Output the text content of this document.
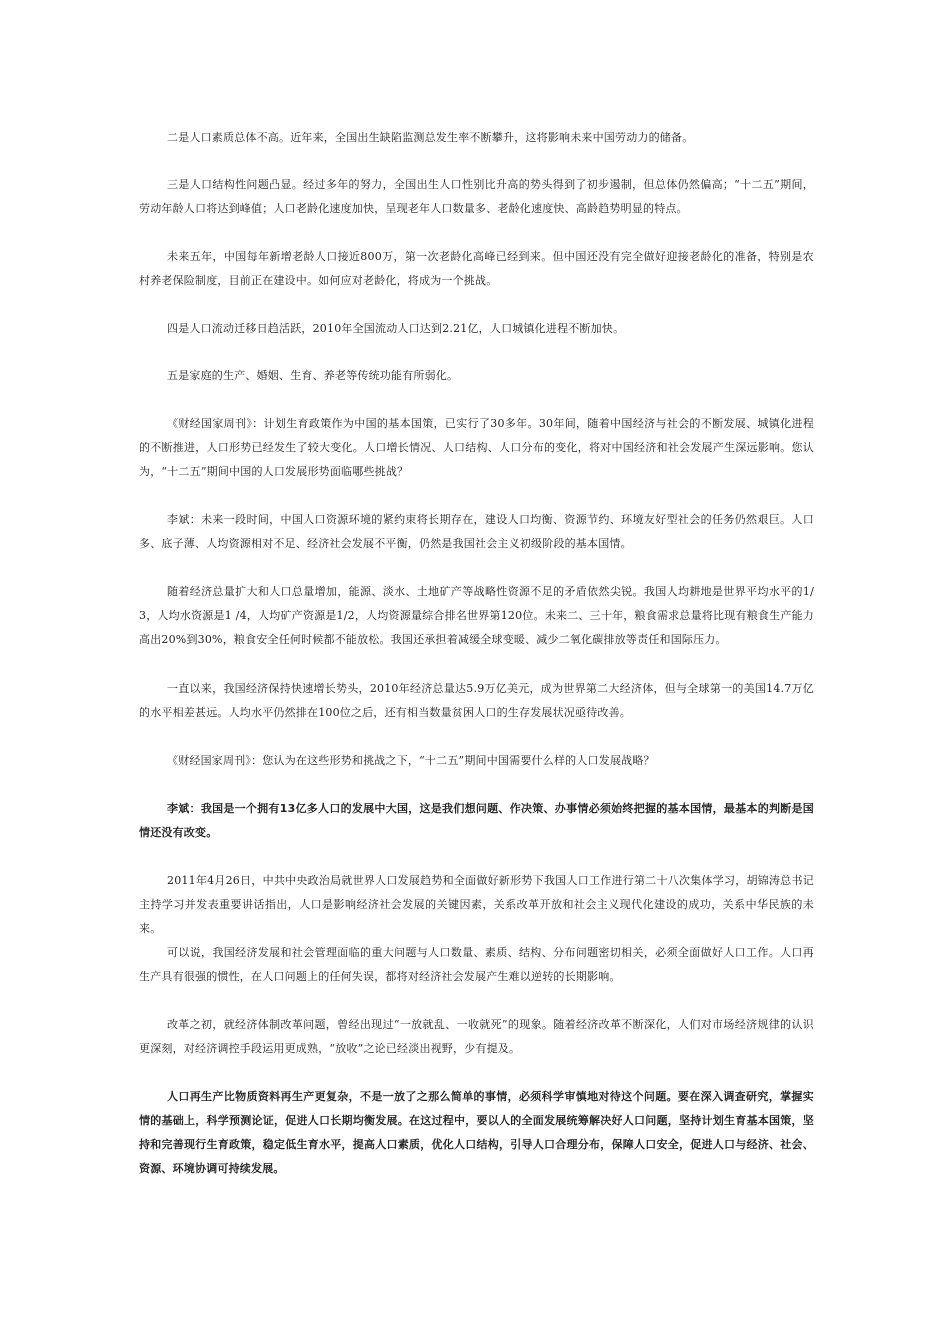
二是人口素质总体不高。近年来，全国出生缺陷监测总发生率不断攀升，这将影响未来中国劳动力的储备。

三是人口结构性问题凸显。经过多年的努力，全国出生人口性别比升高的势头得到了初步遏制，但总体仍然偏高；“十二五”期间，劳动年龄人口将达到峰值；人口老龄化速度加快，呈现老年人口数量多、老龄化速度快、高龄趋势明显的特点。

未来五年，中国每年新增老龄人口接近800万，第一次老龄化高峰已经到来。但中国还没有完全做好迎接老龄化的准备，特别是农村养老保险制度，目前正在建设中。如何应对老龄化，将成为一个挑战。

四是人口流动迁移日趋活跃，2010年全国流动人口达到2.21亿，人口城镇化进程不断加快。

五是家庭的生产、婚姻、生育、养老等传统功能有所弱化。

《财经国家周刊》：计划生育政策作为中国的基本国策，已实行了30多年。30年间，随着中国经济与社会的不断发展、城镇化进程的不断推进，人口形势已经发生了较大变化。人口增长情况、人口结构、人口分布的变化，将对中国经济和社会发展产生深远影响。您认为，“十二五”期间中国的人口发展形势面临哪些挑战？

李斌：未来一段时间，中国人口资源环境的紧约束将长期存在，建设人口均衡、资源节约、环境友好型社会的任务仍然艰巨。人口多、底子薄、人均资源相对不足、经济社会发展不平衡，仍然是我国社会主义初级阶段的基本国情。

随着经济总量扩大和人口总量增加，能源、淡水、土地矿产等战略性资源不足的矛盾依然尖锐。我国人均耕地是世界平均水平的1/3，人均水资源是1 /4，人均矿产资源是1/2，人均资源量综合排名世界第120位。未来二、三十年，粮食需求总量将比现有粮食生产能力高出20%到30%，粮食安全任何时候都不能放松。我国还承担着减缓全球变暖、减少二氧化碳排放等责任和国际压力。

一直以来，我国经济保持快速增长势头，2010年经济总量达5.9万亿美元，成为世界第二大经济体，但与全球第一的美国14.7万亿的水平相差甚远。人均水平仍然排在100位之后，还有相当数量贫困人口的生存发展状况亟待改善。

《财经国家周刊》：您认为在这些形势和挑战之下，“十二五”期间中国需要什么样的人口发展战略？

李斌：我国是一个拥有13亿多人口的发展中大国，这是我们想问题、作决策、办事情必须始终把握的基本国情，最基本的判断是国情还没有改变。

2011年4月26日，中共中央政治局就世界人口发展趋势和全面做好新形势下我国人口工作进行第二十八次集体学习，胡锦涛总书记主持学习并发表重要讲话指出，人口是影响经济社会发展的关键因素，关系改革开放和社会主义现代化建设的成功，关系中华民族的未来。

可以说，我国经济发展和社会管理面临的重大问题与人口数量、素质、结构、分布问题密切相关，必须全面做好人口工作。人口再生产具有很强的惯性，在人口问题上的任何失误，都将对经济社会发展产生难以逆转的长期影响。

改革之初，就经济体制改革问题，曾经出现过“一放就乱、一收就死”的现象。随着经济改革不断深化，人们对市场经济规律的认识更深刻，对经济调控手段运用更成熟，“放收”之论已经淡出视野，少有提及。

人口再生产比物质资料再生产更复杂，不是一放了之那么简单的事情，必须科学审慎地对待这个问题。要在深入调查研究，掌握实情的基础上，科学预测论证，促进人口长期均衡发展。在这过程中，要以人的全面发展统筹解决好人口问题，坚持计划生育基本国策，坚持和完善现行生育政策，稳定低生育水平，提高人口素质，优化人口结构，引导人口合理分布，保障人口安全，促进人口与经济、社会、资源、环境协调可持续发展。
